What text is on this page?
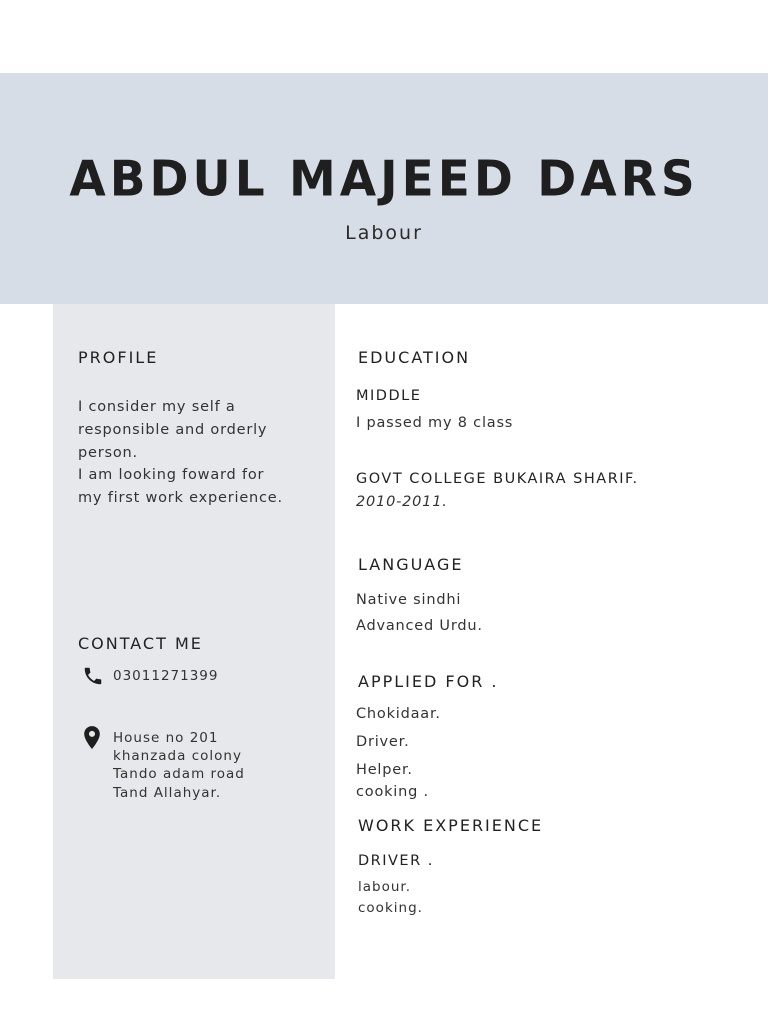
ABDUL MAJEED DARS
Labour
PROFILE
I consider my self a
responsible and orderly
person.
I am looking foward for
my first work experience.
CONTACT ME
03011271399
House no 201
khanzada colony
Tando adam road
Tand Allahyar.
EDUCATION
MIDDLE
I passed my 8 class
GOVT COLLEGE BUKAIRA SHARIF.
2010-2011.
LANGUAGE
Native sindhi
Advanced Urdu.
APPLIED FOR .
Chokidaar.
Driver.
Helper.
cooking .
WORK EXPERIENCE
DRIVER .
labour.
cooking.
